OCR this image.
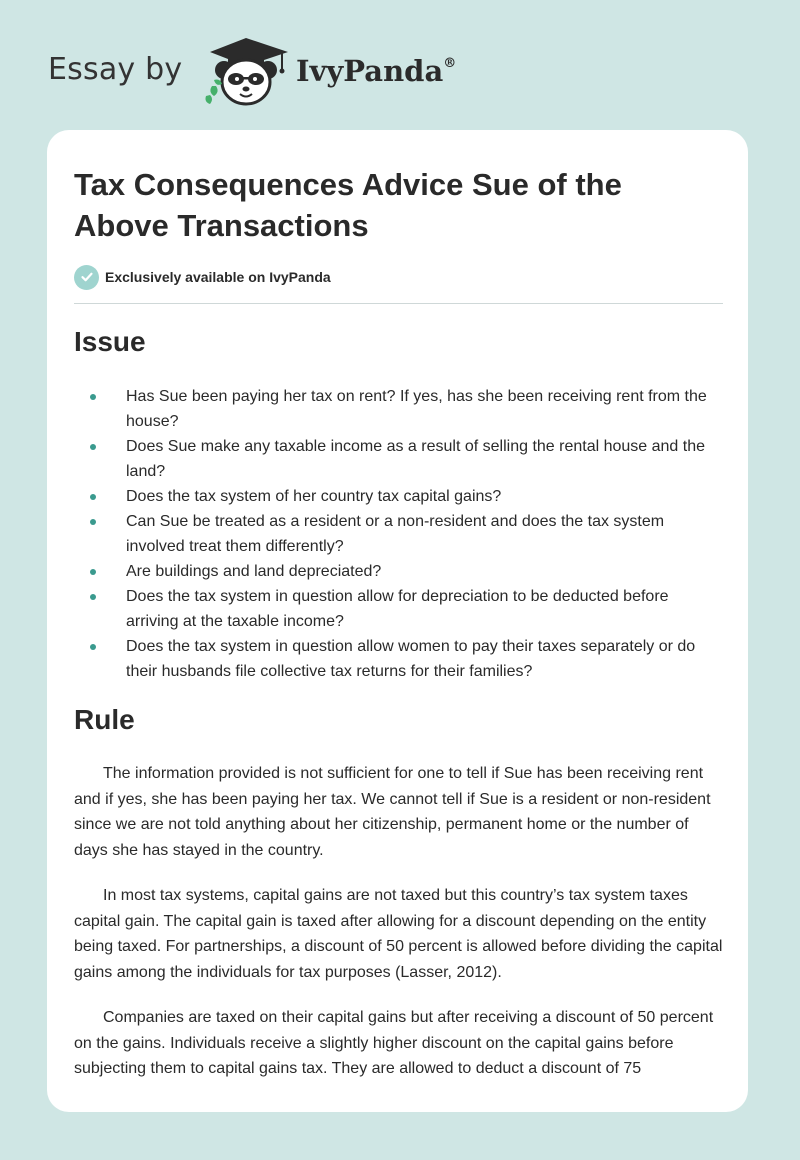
Essay by	IvyPanda®
Tax Consequences Advice Sue of the Above Transactions
Exclusively available on IvyPanda
Issue
Has Sue been paying her tax on rent? If yes, has she been receiving rent from the house?
Does Sue make any taxable income as a result of selling the rental house and the land?
Does the tax system of her country tax capital gains?
Can Sue be treated as a resident or a non-resident and does the tax system involved treat them differently?
Are buildings and land depreciated?
Does the tax system in question allow for depreciation to be deducted before arriving at the taxable income?
Does the tax system in question allow women to pay their taxes separately or do their husbands file collective tax returns for their families?
Rule

The information provided is not sufficient for one to tell if Sue has been receiving rent and if yes, she has been paying her tax. We cannot tell if Sue is a resident or non-resident since we are not told anything about her citizenship, permanent home or the number of days she has stayed in the country.

In most tax systems, capital gains are not taxed but this country’s tax system taxes capital gain. The capital gain is taxed after allowing for a discount depending on the entity being taxed. For partnerships, a discount of 50 percent is allowed before dividing the capital gains among the individuals for tax purposes (Lasser, 2012).

Companies are taxed on their capital gains but after receiving a discount of 50 percent on the gains. Individuals receive a slightly higher discount on the capital gains before subjecting them to capital gains tax. They are allowed to deduct a discount of 75
